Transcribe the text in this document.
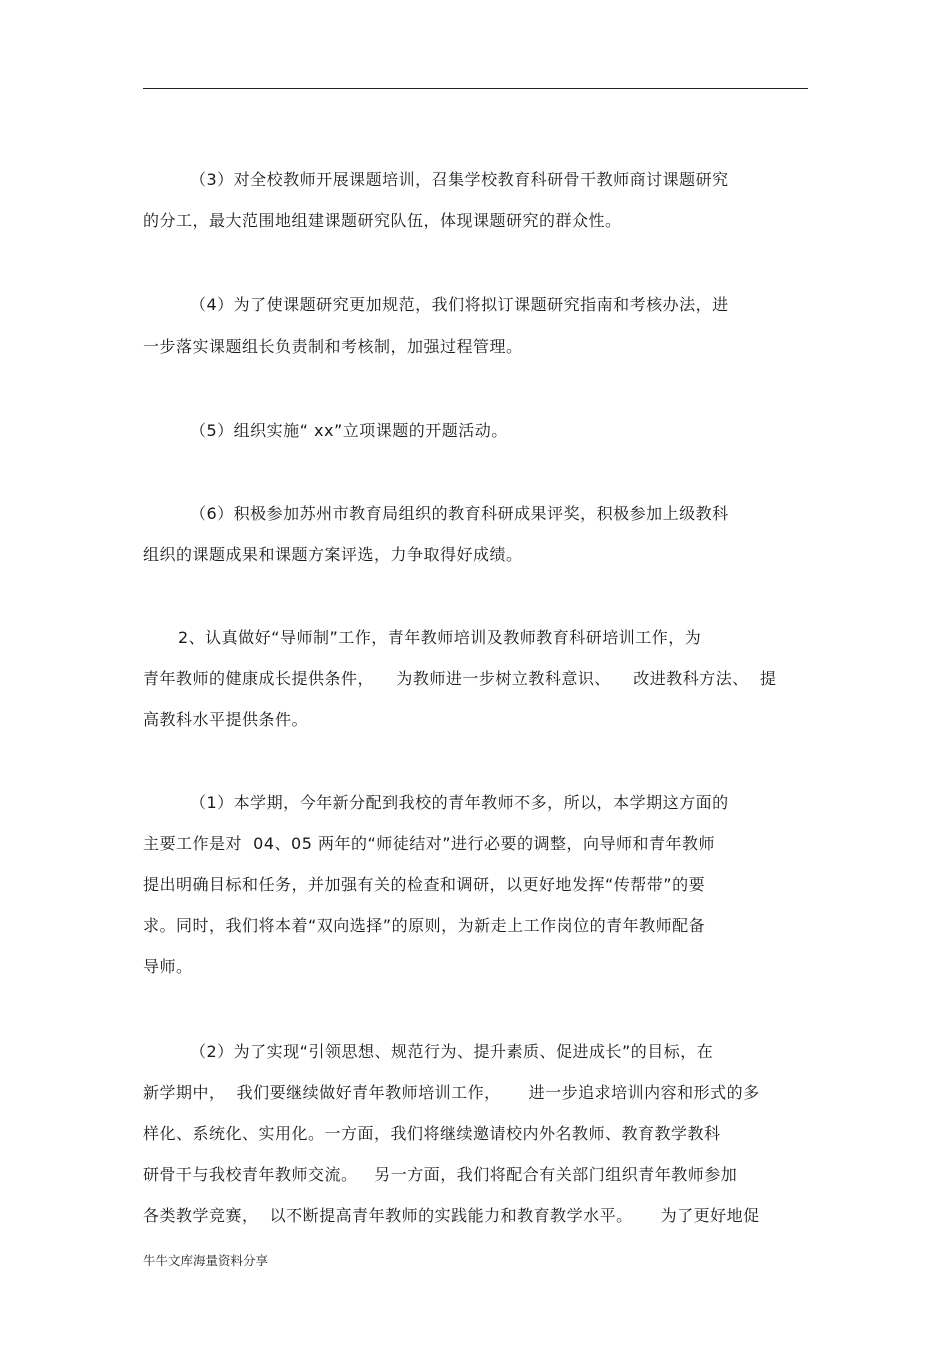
（3）对全校教师开展课题培训，召集学校教育科研骨干教师商讨课题研究
的分工，最大范围地组建课题研究队伍，体现课题研究的群众性。
（4）为了使课题研究更加规范，我们将拟订课题研究指南和考核办法，进
一步落实课题组长负责制和考核制，加强过程管理。
（5）组织实施“ xx”立项课题的开题活动。
（6）积极参加苏州市教育局组织的教育科研成果评奖，积极参加上级教科
组织的课题成果和课题方案评选，力争取得好成绩。
2、认真做好“导师制”工作，青年教师培训及教师教育科研培训工作，为
青年教师的健康成长提供条件，    为教师进一步树立教科意识、    改进教科方法、  提
高教科水平提供条件。
（1）本学期，今年新分配到我校的青年教师不多，所以，本学期这方面的
主要工作是对  04、05 两年的“师徒结对”进行必要的调整，向导师和青年教师
提出明确目标和任务，并加强有关的检查和调研，以更好地发挥“传帮带”的要
求。同时，我们将本着“双向选择”的原则，为新走上工作岗位的青年教师配备
导师。
（2）为了实现“引领思想、规范行为、提升素质、促进成长”的目标，在
新学期中，  我们要继续做好青年教师培训工作，     进一步追求培训内容和形式的多
样化、系统化、实用化。一方面，我们将继续邀请校内外名教师、教育教学教科
研骨干与我校青年教师交流。   另一方面，我们将配合有关部门组织青年教师参加
各类教学竞赛，  以不断提高青年教师的实践能力和教育教学水平。     为了更好地促
牛牛文库海量资料分享
